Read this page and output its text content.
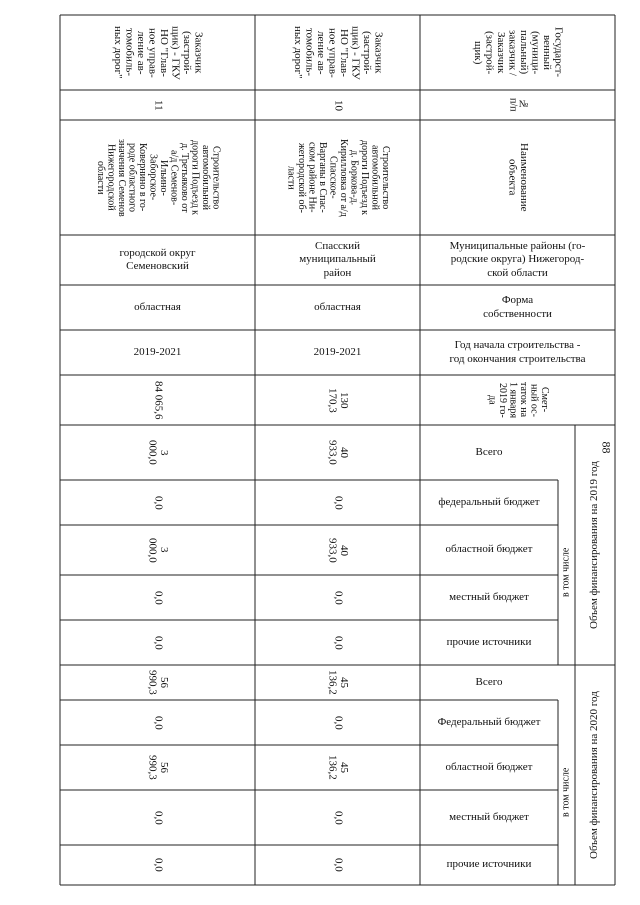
88
Государст-
венный
(муници-
пальный)
заказчик /
Заказчик
(застрой-
щик)
№
п/п
Наименование
объекта
Муниципальные районы (го-
родские округа) Нижегород-
ской области
Форма
собственности
Год начала строительства -
год окончания строительства
Смет-
ный ос-
таток на
1 января
2019 го-
да
Всего
федеральный бюджет
областной бюджет
местный бюджет
прочие источники
Всего
Федеральный бюджет
областной бюджет
местный бюджет
прочие источники
Объем финансирования на 2019 год
Объем финансирования на 2020 год
в том числе
в том числе
Заказчик
(застрой-
щик) - ГКУ
НО "Глав-
ное управ-
ление ав-
томобиль-
ных дорог"
10
Строительство
автомобильной
дороги Подъезд к
д. Боркова-д.
Кирилловка от а/д
Спасское-
Варганы в Спас-
ском районе Ни-
жегородской об-
ласти
Спасский
муниципальный
район
областная
2019-2021
130
170,3
40
933,0
0,0
40
933,0
0,0
0,0
45
136,2
0,0
45
136,2
0,0
0,0
Заказчик
(застрой-
щик) - ГКУ
НО "Глав-
ное управ-
ление ав-
томобиль-
ных дорог"
11
Строительство
автомобильной
дороги Подъезд к
д. Третьяково от
а/д Семенов-
Ильино-
Заборское-
Ковернино в го-
роде областного
значения Семенов
Нижегородской
области
городской округ
Семеновский
областная
2019-2021
84 065,6
3
000,0
0,0
3
000,0
0,0
0,0
56
990,3
0,0
56
990,3
0,0
0,0
